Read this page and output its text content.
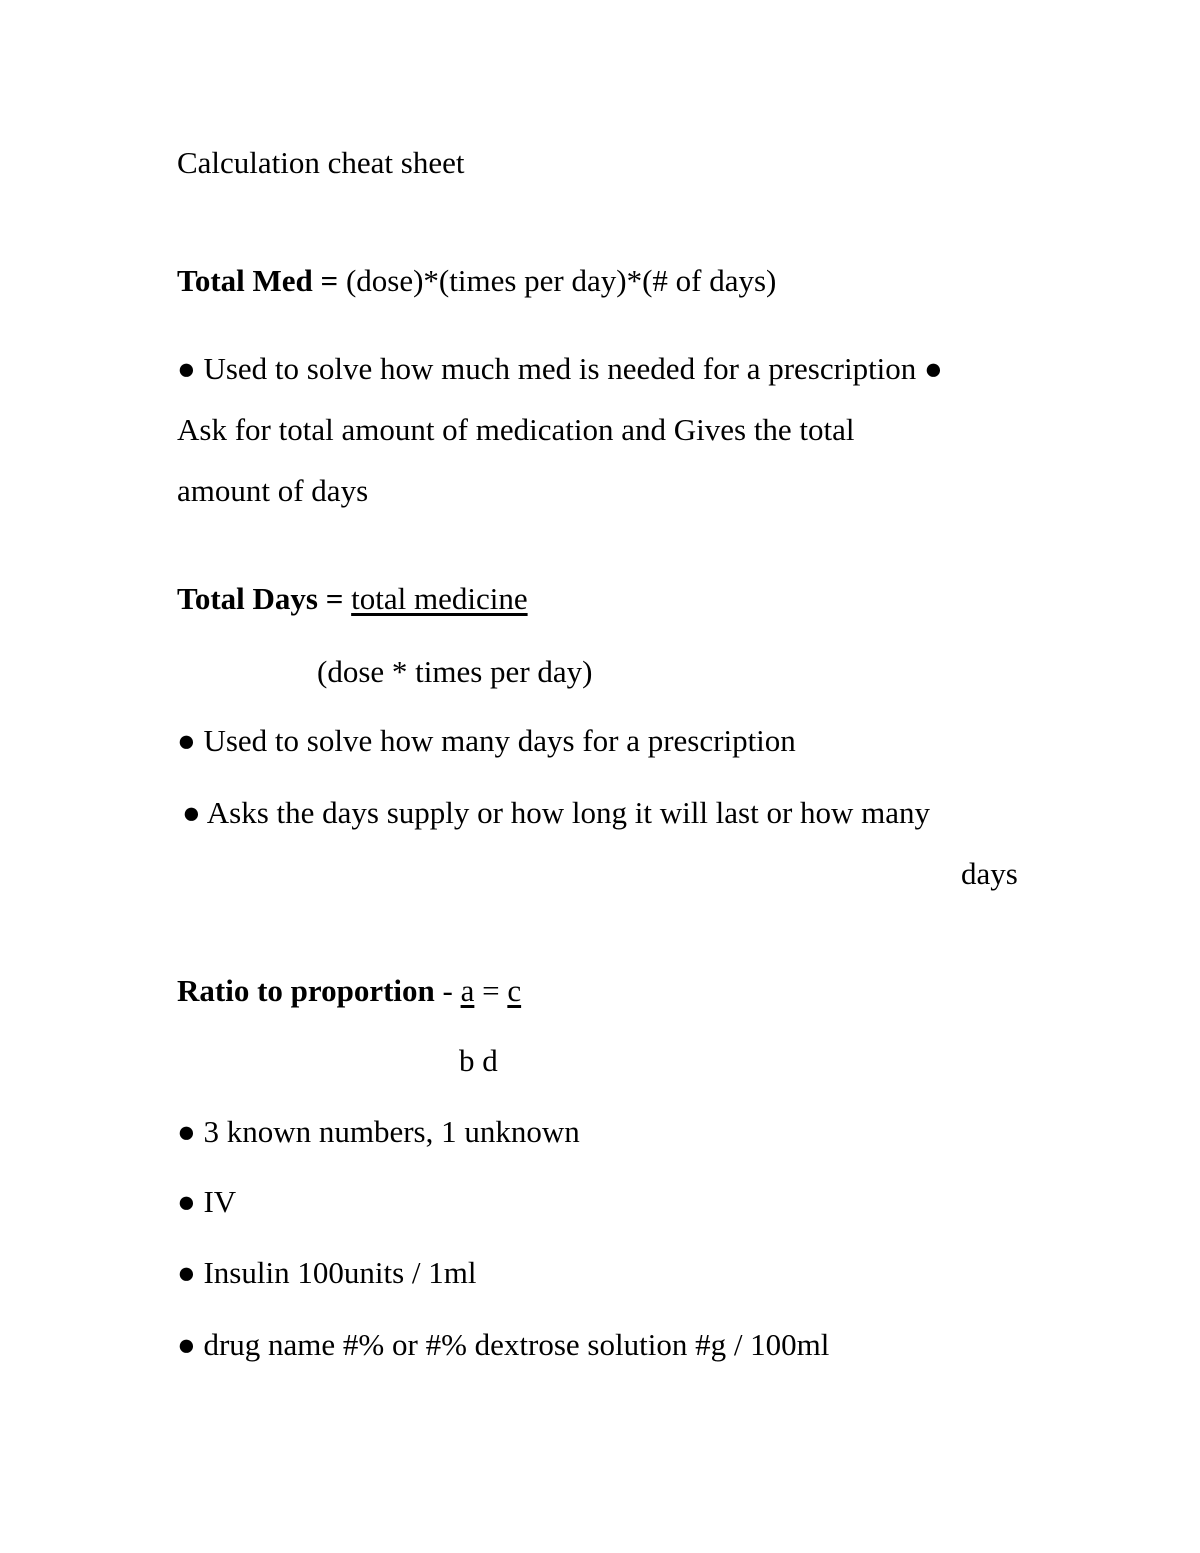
Calculation cheat sheet
Total Med = (dose)*(times per day)*(# of days)
● Used to solve how much med is needed for a prescription ●
Ask for total amount of medication and Gives the total
amount of days
Total Days = total medicine
(dose * times per day)
● Used to solve how many days for a prescription
● Asks the days supply or how long it will last or how many
days
Ratio to proportion - a = c
b d
● 3 known numbers, 1 unknown
● IV
● Insulin 100units / 1ml
● drug name #% or #% dextrose solution #g / 100ml
